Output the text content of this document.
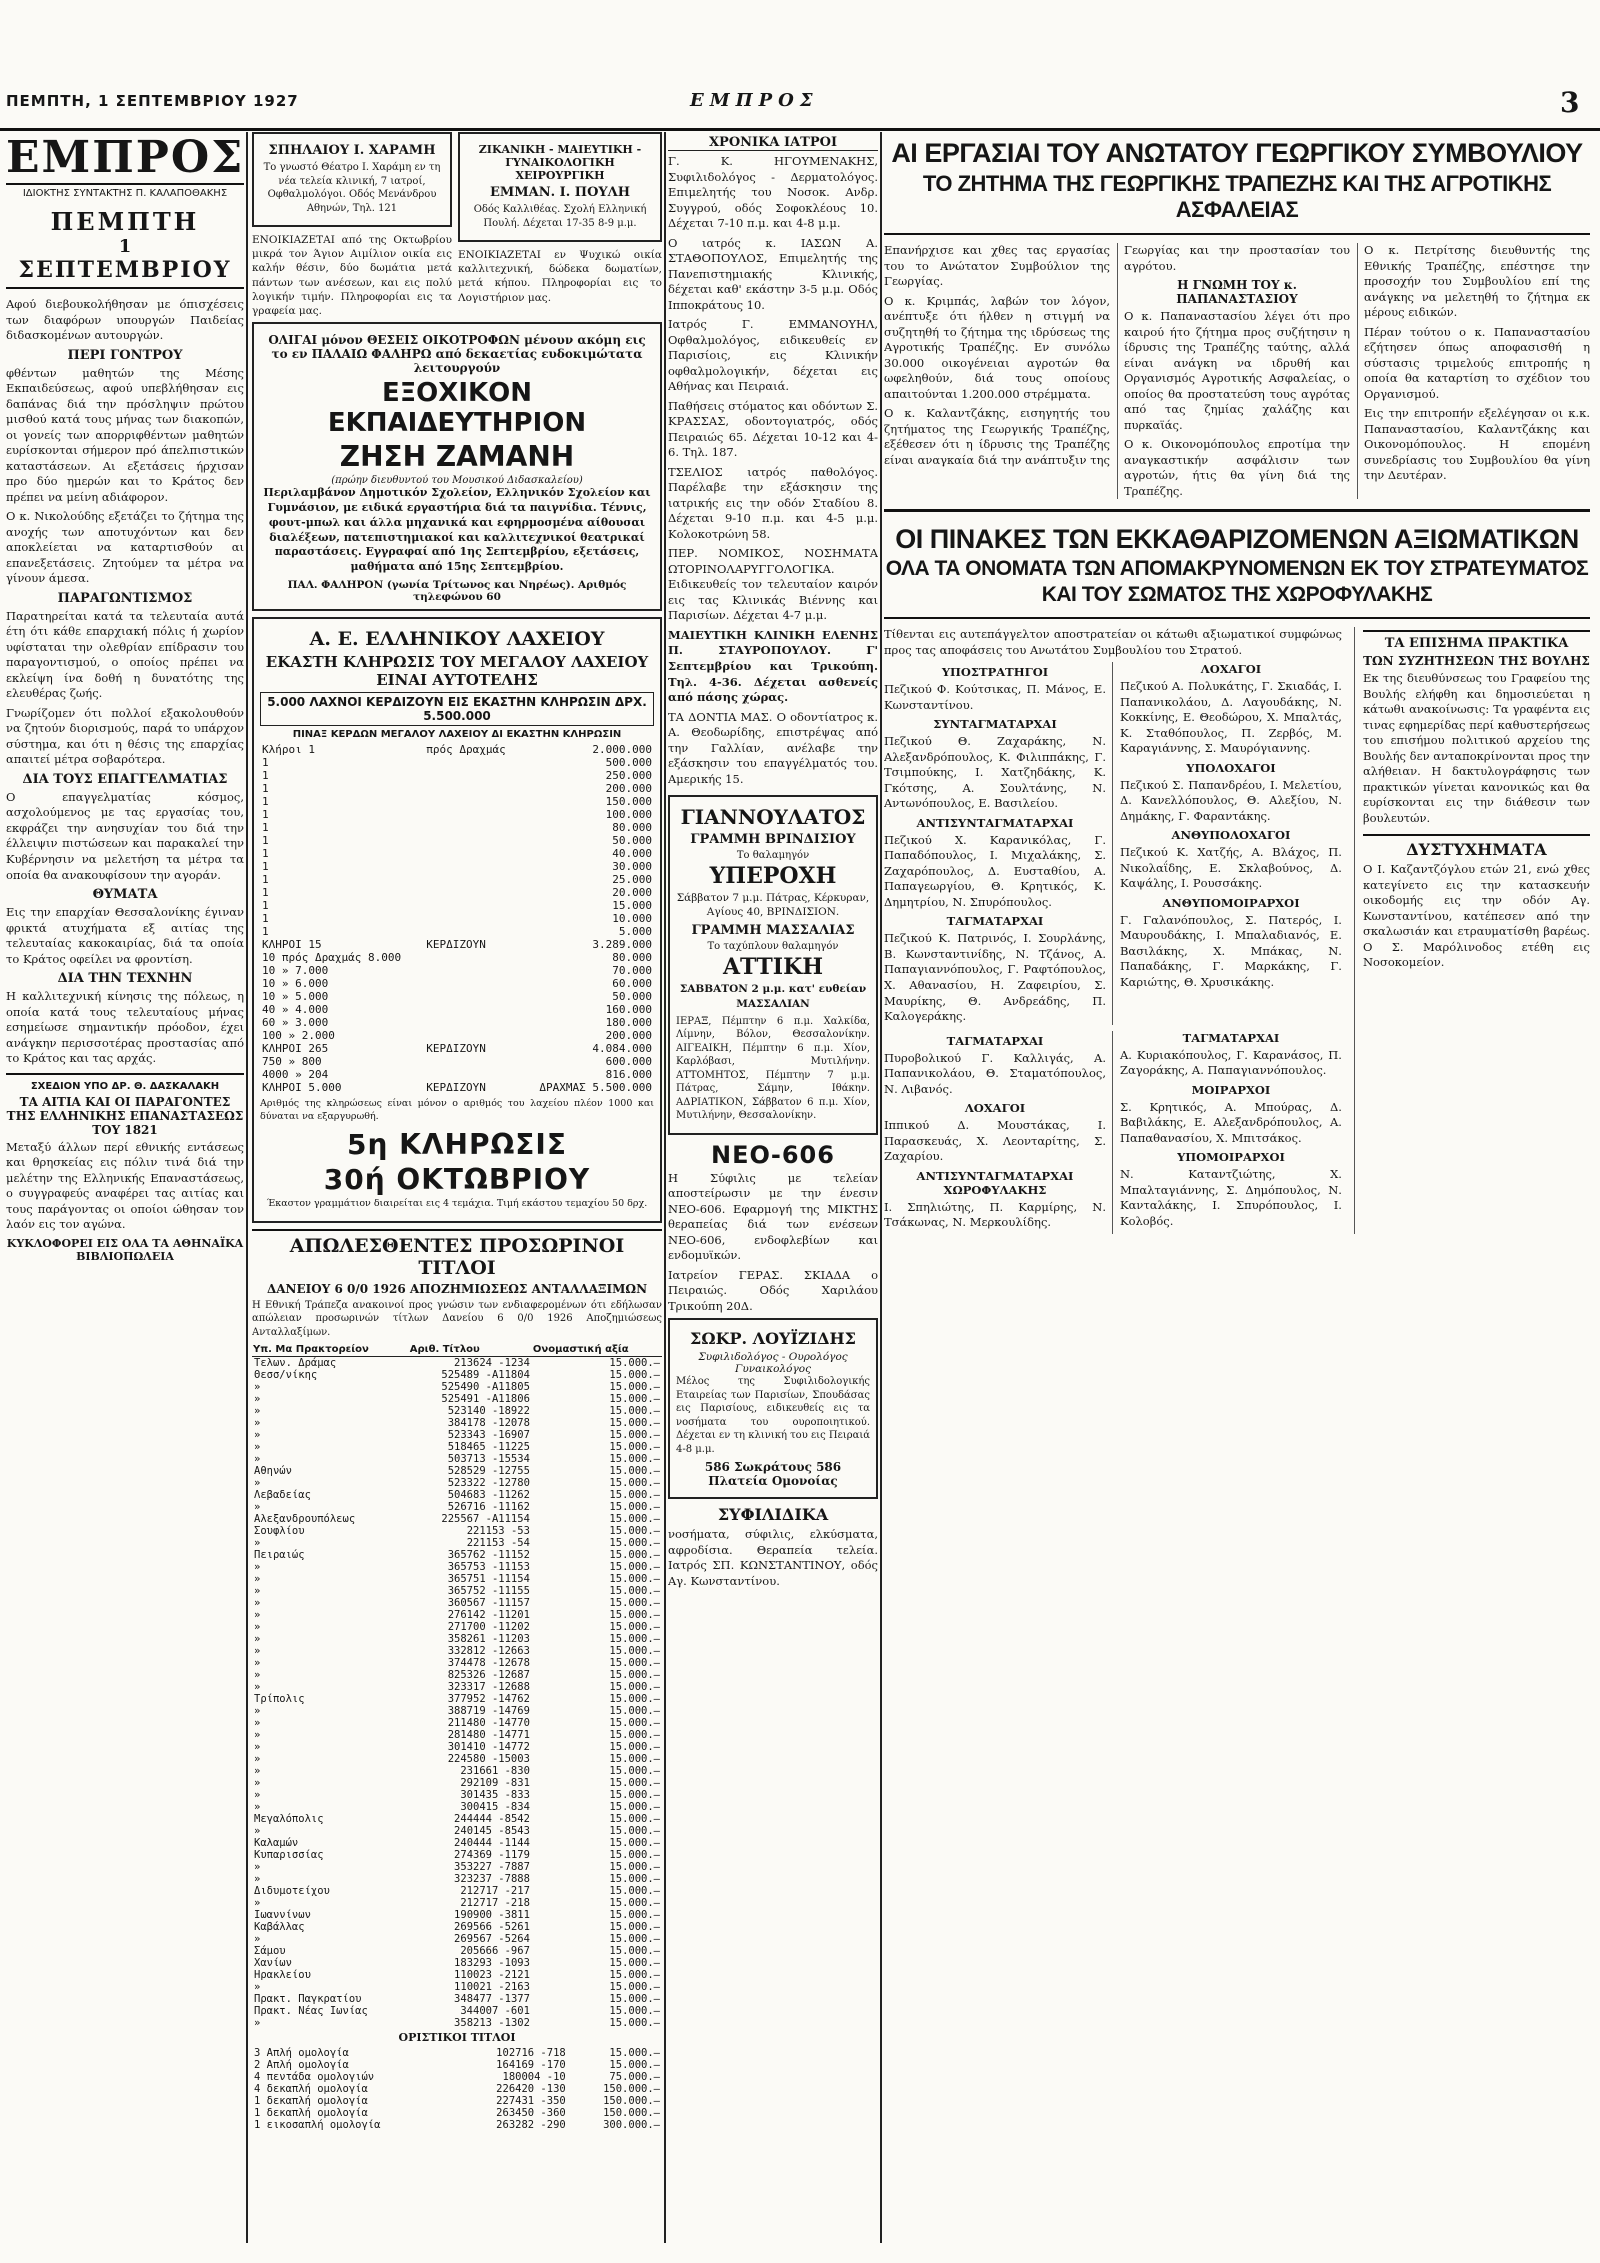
ΠΕΜΠΤΗ, 1 ΣΕΠΤΕΜΒΡΙΟΥ 1927	ΕΜΠΡΟΣ	3
ΕΜΠΡΟΣ
ΙΔΙΟΚΤΗΣ ΣΥΝΤΑΚΤΗΣ Π. ΚΑΛΑΠΟΘΑΚΗΣ
ΠΕΜΠΤΗ
1
ΣΕΠΤΕΜΒΡΙΟΥ

Αφού διεβουκολήθησαν με όπισχέσεις των διαφόρων υπουργών Παιδείας διδασκομένων αυτουργών.

ΠΕΡΙ ΓΟΝΤΡΟΥ

φθέντων μαθητών της Μέσης Εκπαιδεύσεως, αφού υπεβλήθησαν εις δαπάνας διά την πρόσληψιν πρώτου μισθού κατά τους μήνας των διακοπών, οι γονείς των απορριφθέντων μαθητών ευρίσκονται σήμερον πρό άπελπιστικών καταστάσεων. Αι εξετάσεις ήρχισαν προ δύο ημερών και το Κράτος δεν πρέπει να μείνη αδιάφορον.

Ο κ. Νικολούδης εξετάζει το ζήτημα της ανοχής των αποτυχόντων και δεν αποκλείεται να καταρτισθούν αι επανεξετάσεις. Ζητούμεν τα μέτρα να γίνουν άμεσα.

ΠΑΡΑΓΩΝΤΙΣΜΟΣ

Παρατηρείται κατά τα τελευταία αυτά έτη ότι κάθε επαρχιακή πόλις ή χωρίον υφίσταται την ολεθρίαν επίδρασιν του παραγοντισμού, ο οποίος πρέπει να εκλείψη ίνα δοθή η δυνατότης της ελευθέρας ζωής.

Γνωρίζομεν ότι πολλοί εξακολουθούν να ζητούν διορισμούς, παρά το υπάρχον σύστημα, και ότι η θέσις της επαρχίας απαιτεί μέτρα σοβαρότερα.

ΔΙΑ ΤΟΥΣ ΕΠΑΓΓΕΛΜΑΤΙΑΣ

Ο επαγγελματίας κόσμος, ασχολούμενος με τας εργασίας του, εκφράζει την ανησυχίαν του διά την έλλειψιν πιστώσεων και παρακαλεί την Κυβέρνησιν να μελετήση τα μέτρα τα οποία θα ανακουφίσουν την αγοράν.

ΘΥΜΑΤΑ

Εις την επαρχίαν Θεσσαλονίκης έγιναν φρικτά ατυχήματα εξ αιτίας της τελευταίας κακοκαιρίας, διά τα οποία το Κράτος οφείλει να φροντίση.

ΔΙΑ ΤΗΝ ΤΕΧΝΗΝ

Η καλλιτεχνική κίνησις της πόλεως, η οποία κατά τους τελευταίους μήνας εσημείωσε σημαντικήν πρόοδον, έχει ανάγκην περισσοτέρας προστασίας από το Κράτος και τας αρχάς.

ΣΧΕΔΙΟΝ ΥΠΟ ΔΡ. Θ. ΔΑΣΚΑΛΑΚΗ
ΤΑ ΑΙΤΙΑ ΚΑΙ ΟΙ ΠΑΡΑΓΟΝΤΕΣ ΤΗΣ ΕΛΛΗΝΙΚΗΣ ΕΠΑΝΑΣΤΑΣΕΩΣ ΤΟΥ 1821

Μεταξύ άλλων περί εθνικής εντάσεως και θρησκείας εις πόλιν τινά διά την μελέτην της Ελληνικής Επαναστάσεως, ο συγγραφεύς αναφέρει τας αιτίας και τους παράγοντας οι οποίοι ώθησαν τον λαόν εις τον αγώνα.

ΚΥΚΛΟΦΟΡΕΙ ΕΙΣ ΟΛΑ ΤΑ ΑΘΗΝΑΪΚΑ ΒΙΒΛΙΟΠΩΛΕΙΑ
ΣΠΗΛΑΙΟΥ Ι. ΧΑΡΑΜΗ

Το γνωστό Θέατρο Ι. Χαράμη εν τη νέα τελεία κλινική, 7 ιατροί, Οφθαλμολόγοι. Οδός Μενάνδρου Αθηνών, Τηλ. 121

ΕΝΟΙΚΙΑΖΕΤΑΙ από της Οκτωβρίου μικρά τον Άγιον Αιμίλιον οικία εις καλήν θέσιν, δύο δωμάτια μετά πάντων των ανέσεων, και εις πολύ λογικήν τιμήν. Πληροφορίαι εις τα γραφεία μας.

ΖΙΚΑΝΙΚΗ - ΜΑΙΕΥΤΙΚΗ - ΓΥΝΑΙΚΟΛΟΓΙΚΗ ΧΕΙΡΟΥΡΓΙΚΗ
ΕΜΜΑΝ. Ι. ΠΟΥΛΗ

Οδός Καλλιθέας. Σχολή Ελληνική Πουλή. Δέχεται 17-35 8-9 μ.μ.

ΕΝΟΙΚΙΑΖΕΤΑΙ εν Ψυχικώ οικία καλλιτεχνική, δώδεκα δωματίων, μετά κήπου. Πληροφορίαι εις το Λογιστήριον μας.

ΟΛΙΓΑΙ μόνον ΘΕΣΕΙΣ ΟΙΚΟΤΡΟΦΩΝ μένουν ακόμη εις το εν ΠΑΛΑΙΩ ΦΑΛΗΡΩ από δεκαετίας ευδοκιμώτατα λειτουργούν
ΕΞΟΧΙΚΟΝ ΕΚΠΑΙΔΕΥΤΗΡΙΟΝ
ΖΗΣΗ ΖΑΜΑΝΗ
(πρώην διευθυντού του Μουσικού Διδασκαλείου)

Περιλαμβάνον Δημοτικόν Σχολείον, Ελληνικόν Σχολείον και Γυμνάσιον, με ειδικά εργαστήρια διά τα παιγνίδια. Τέννις, φουτ-μπωλ και άλλα μηχανικά και εφηρμοσμένα αίθουσαι διαλέξεων, πατεπιστημιακοί και καλλιτεχνικοί θεατρικαί παραστάσεις. Εγγραφαί από 1ης Σεπτεμβρίου, εξετάσεις, μαθήματα από 15ης Σεπτεμβρίου.

ΠΑΛ. ΦΑΛΗΡΟΝ (γωνία Τρίτωνος και Νηρέως). Αριθμός τηλεφώνου 60
Α. Ε. ΕΛΛΗΝΙΚΟΥ ΛΑΧΕΙΟΥ
ΕΚΑΣΤΗ ΚΛΗΡΩΣΙΣ ΤΟΥ ΜΕΓΑΛΟΥ ΛΑΧΕΙΟΥ ΕΙΝΑΙ ΑΥΤΟΤΕΛΗΣ
5.000 ΛΑΧΝΟΙ ΚΕΡΔΙΖΟΥΝ ΕΙΣ ΕΚΑΣΤΗΝ ΚΛΗΡΩΣΙΝ ΔΡΧ. 5.500.000
ΠΙΝΑΞ ΚΕΡΔΩΝ ΜΕΓΑΛΟΥ ΛΑΧΕΙΟΥ ΔΙ ΕΚΑΣΤΗΝ ΚΛΗΡΩΣΙΝ
Κλήροι 1	πρός Δραχμάς	2.000.000
1		500.000
1		250.000
1		200.000
1		150.000
1		100.000
1		80.000
1		50.000
1		40.000
1		30.000
1		25.000
1		20.000
1		15.000
1		10.000
1		5.000
ΚΛΗΡΟΙ 15	ΚΕΡΔΙΖΟΥΝ	3.289.000
10 πρός Δραχμάς 8.000		80.000
10 » 7.000		70.000
10 » 6.000		60.000
10 » 5.000		50.000
40 » 4.000		160.000
60 » 3.000		180.000
100 » 2.000		200.000
ΚΛΗΡΟΙ 265	ΚΕΡΔΙΖΟΥΝ	4.084.000
750 » 800		600.000
4000 » 204		816.000
ΚΛΗΡΟΙ 5.000	ΚΕΡΔΙΖΟΥΝ	ΔΡΑΧΜΑΣ 5.500.000

Αριθμός της κληρώσεως είναι μόνον ο αριθμός του λαχείου πλέον 1000 και δύναται να εξαργυρωθή.

5η ΚΛΗΡΩΣΙΣ
30ή ΟΚΤΩΒΡΙΟΥ

Έκαστον γραμμάτιον διαιρείται εις 4 τεμάχια. Τιμή εκάστου τεμαχίου 50 δρχ.

ΑΠΩΛΕΣΘΕΝΤΕΣ ΠΡΟΣΩΡΙΝΟΙ ΤΙΤΛΟΙ
ΔΑΝΕΙΟΥ 6 0/0 1926 ΑΠΟΖΗΜΙΩΣΕΩΣ ΑΝΤΑΛΛΑΞΙΜΩΝ

Η Εθνική Τράπεζα ανακοινοί προς γνώσιν των ενδιαφερομένων ότι εδήλωσαν απώλειαν προσωρινών τίτλων Δανείου 6 0/0 1926 Αποζημιώσεως Ανταλλαξίμων.

Υπ. Μα Πρακτορείον	Αριθ. Τίτλου	Ονομαστική αξία
Τελων. Δράμας	213624 -1234	15.000.—
Θεσσ/νίκης	525489 -A11804	15.000.—
»	525490 -A11805	15.000.—
»	525491 -A11806	15.000.—
»	523140 -18922	15.000.—
»	384178 -12078	15.000.—
»	523343 -16907	15.000.—
»	518465 -11225	15.000.—
»	503713 -15534	15.000.—
Αθηνών	528529 -12755	15.000.—
»	523322 -12780	15.000.—
Λεβαδείας	504683 -11262	15.000.—
»	526716 -11162	15.000.—
Αλεξανδρουπόλεως	225567 -A11154	15.000.—
Σουφλίου	221153 -53	15.000.—
»	221153 -54	15.000.—
Πειραιώς	365762 -11152	15.000.—
»	365753 -11153	15.000.—
»	365751 -11154	15.000.—
»	365752 -11155	15.000.—
»	360567 -11157	15.000.—
»	276142 -11201	15.000.—
»	271700 -11202	15.000.—
»	358261 -11203	15.000.—
»	332812 -12663	15.000.—
»	374478 -12678	15.000.—
»	825326 -12687	15.000.—
»	323317 -12688	15.000.—
Τρίπολις	377952 -14762	15.000.—
»	388719 -14769	15.000.—
»	211480 -14770	15.000.—
»	281480 -14771	15.000.—
»	301410 -14772	15.000.—
»	224580 -15003	15.000.—
»	231661 -830	15.000.—
»	292109 -831	15.000.—
»	301435 -833	15.000.—
»	300415 -834	15.000.—
Μεγαλόπολις	244444 -8542	15.000.—
»	240145 -8543	15.000.—
Καλαμών	240444 -1144	15.000.—
Κυπαρισσίας	274369 -1179	15.000.—
»	353227 -7887	15.000.—
»	323237 -7888	15.000.—
Διδυμοτείχου	212717 -217	15.000.—
»	212717 -218	15.000.—
Ιωαννίνων	190900 -3811	15.000.—
Καβάλλας	269566 -5261	15.000.—
»	269567 -5264	15.000.—
Σάμου	205666 -967	15.000.—
Χανίων	183293 -1093	15.000.—
Ηρακλείου	110023 -2121	15.000.—
»	110021 -2163	15.000.—
Πρακτ. Παγκρατίου	348477 -1377	15.000.—
Πρακτ. Νέας Ιωνίας	344007 -601	15.000.—
»	358213 -1302	15.000.—
ΟΡΙΣΤΙΚΟΙ ΤΙΤΛΟΙ
3 Απλή ομολογία	102716 -718	15.000.—
2 Απλή ομολογία	164169 -170	15.000.—
4 πεντάδα ομολογιών	180004 -10	75.000.—
4 δεκαπλή ομολογία	226420 -130	150.000.—
1 δεκαπλή ομολογία	227431 -350	150.000.—
1 δεκαπλή ομολογία	263450 -360	150.000.—
1 εικοσαπλή ομολογία	263282 -290	300.000.—
ΧΡΟΝΙΚΑ ΙΑΤΡΟΙ

Γ. Κ. ΗΓΟΥΜΕΝΑΚΗΣ, Συφιλιδολόγος - Δερματολόγος. Επιμελητής του Νοσοκ. Ανδρ. Συγγρού, οδός Σοφοκλέους 10. Δέχεται 7-10 π.μ. και 4-8 μ.μ.

Ο ιατρός κ. ΙΑΣΩΝ Α. ΣΤΑΘΟΠΟΥΛΟΣ, Επιμελητής της Πανεπιστημιακής Κλινικής, δέχεται καθ' εκάστην 3-5 μ.μ. Οδός Ιπποκράτους 10.

Ιατρός Γ. ΕΜΜΑΝΟΥΗΛ, Οφθαλμολόγος, ειδικευθείς εν Παρισίοις, εις Κλινικήν οφθαλμολογικήν, δέχεται εις Αθήνας και Πειραιά.

Παθήσεις στόματος και οδόντων Σ. ΚΡΑΣΣΑΣ, οδοντογιατρός, οδός Πειραιώς 65. Δέχεται 10-12 και 4-6. Τηλ. 187.

ΤΣΕΛΙΟΣ ιατρός παθολόγος. Παρέλαβε την εξάσκησιν της ιατρικής εις την οδόν Σταδίου 8. Δέχεται 9-10 π.μ. και 4-5 μ.μ. Κολοκοτρώνη 58.

ΠΕΡ. ΝΟΜΙΚΟΣ, ΝΟΣΗΜΑΤΑ ΩΤΟΡΙΝΟΛΑΡΥΓΓΟΛΟΓΙΚΑ. Ειδικευθείς τον τελευταίον καιρόν εις τας Κλινικάς Βιέννης και Παρισίων. Δέχεται 4-7 μ.μ.

ΜΑΙΕΥΤΙΚΗ ΚΛΙΝΙΚΗ ΕΛΕΝΗΣ Π. ΣΤΑΥΡΟΠΟΥΛΟΥ. Γ' Σεπτεμβρίου και Τρικούπη. Τηλ. 4-36. Δέχεται ασθενείς από πάσης χώρας.

ΤΑ ΔΟΝΤΙΑ ΜΑΣ. Ο οδοντίατρος κ. Α. Θεοδωρίδης, επιστρέψας από την Γαλλίαν, ανέλαβε την εξάσκησιν του επαγγέλματός του. Αμερικής 15.

ΓΙΑΝΝΟΥΛΑΤΟΣ
ΓΡΑΜΜΗ ΒΡΙΝΔΙΣΙΟΥ
Το θαλαμηγόν
ΥΠΕΡΟΧΗ

Σάββατον 7 μ.μ. Πάτρας, Κέρκυραν, Αγίους 40, ΒΡΙΝΔΙΣΙΟΝ.

ΓΡΑΜΜΗ ΜΑΣΣΑΛΙΑΣ
Το ταχύπλουν θαλαμηγόν
ΑΤΤΙΚΗ

ΣΑΒΒΑΤΟΝ 2 μ.μ. κατ' ευθείαν ΜΑΣΣΑΛΙΑΝ

ΙΕΡΑΞ, Πέμπτην 6 π.μ. Χαλκίδα, Λίμνην, Βόλον, Θεσσαλονίκην. ΑΙΓΕΑΙΚΗ, Πέμπτην 6 π.μ. Χίον, Καρλόβασι, Μυτιλήνην. ΑΤΤΟΜΗΤΟΣ, Πέμπτην 7 μ.μ. Πάτρας, Σάμην, Ιθάκην. ΑΔΡΙΑΤΙΚΟΝ, Σάββατον 6 π.μ. Χίον, Μυτιλήνην, Θεσσαλονίκην.

ΝΕΟ-606

Η Σύφιλις με τελείαν αποστείρωσιν με την ένεσιν ΝΕΟ-606. Εφαρμογή της ΜΙΚΤΗΣ θεραπείας διά των ενέσεων ΝΕΟ-606, ενδοφλεβίων και ενδομυϊκών.

Ιατρείον ΓΕΡΑΣ. ΣΚΙΑΔΑ ο Πειραιώς. Οδός Χαριλάου Τρικούπη 20Δ.

ΣΩΚΡ. ΛΟΥΪΖΙΔΗΣ
Συφιλιδολόγος - Ουρολόγος Γυναικολόγος

Μέλος της Συφιλιδολογικής Εταιρείας των Παρισίων, Σπουδάσας εις Παρισίους, ειδικευθείς εις τα νοσήματα του ουροποιητικού. Δέχεται εν τη κλινική του εις Πειραιά 4-8 μ.μ.

586 Σωκράτους 586 Πλατεία Ομονοίας
ΣΥΦΙΛΙΔΙΚΑ

νοσήματα, σύφιλις, ελκύσματα, αφροδίσια. Θεραπεία τελεία. Ιατρός ΣΠ. ΚΩΝΣΤΑΝΤΙΝΟΥ, οδός Αγ. Κωνσταντίνου.

ΑΙ ΕΡΓΑΣΙΑΙ ΤΟΥ ΑΝΩΤΑΤΟΥ ΓΕΩΡΓΙΚΟΥ ΣΥΜΒΟΥΛΙΟΥ
ΤΟ ΖΗΤΗΜΑ ΤΗΣ ΓΕΩΡΓΙΚΗΣ ΤΡΑΠΕΖΗΣ ΚΑΙ ΤΗΣ ΑΓΡΟΤΙΚΗΣ ΑΣΦΑΛΕΙΑΣ

Επανήρχισε και χθες τας εργασίας του το Ανώτατον Συμβούλιον της Γεωργίας.

Ο κ. Κριμπάς, λαβών τον λόγον, ανέπτυξε ότι ήλθεν η στιγμή να συζητηθή το ζήτημα της ιδρύσεως της Αγροτικής Τραπέζης. Εν συνόλω 30.000 οικογένειαι αγροτών θα ωφεληθούν, διά τους οποίους απαιτούνται 1.200.000 στρέμματα.

Ο κ. Καλαντζάκης, εισηγητής του ζητήματος της Γεωργικής Τραπέζης, εξέθεσεν ότι η ίδρυσις της Τραπέζης είναι αναγκαία διά την ανάπτυξιν της Γεωργίας και την προστασίαν του αγρότου.

Η ΓΝΩΜΗ ΤΟΥ κ. ΠΑΠΑΝΑΣΤΑΣΙΟΥ

Ο κ. Παπαναστασίου λέγει ότι προ καιρού ήτο ζήτημα προς συζήτησιν η ίδρυσις της Τραπέζης ταύτης, αλλά είναι ανάγκη να ιδρυθή και Οργανισμός Αγροτικής Ασφαλείας, ο οποίος θα προστατεύση τους αγρότας από τας ζημίας χαλάζης και πυρκαϊάς.

Ο κ. Οικονομόπουλος επροτίμα την αναγκαστικήν ασφάλισιν των αγροτών, ήτις θα γίνη διά της Τραπέζης.

Ο κ. Πετρίτσης διευθυντής της Εθνικής Τραπέζης, επέστησε την προσοχήν του Συμβουλίου επί της ανάγκης να μελετηθή το ζήτημα εκ μέρους ειδικών.

Πέραν τούτου ο κ. Παπαναστασίου εζήτησεν όπως αποφασισθή η σύστασις τριμελούς επιτροπής η οποία θα καταρτίση το σχέδιον του Οργανισμού.

Εις την επιτροπήν εξελέγησαν οι κ.κ. Παπαναστασίου, Καλαντζάκης και Οικονομόπουλος. Η επομένη συνεδρίασις του Συμβουλίου θα γίνη την Δευτέραν.

ΟΙ ΠΙΝΑΚΕΣ ΤΩΝ ΕΚΚΑΘΑΡΙΖΟΜΕΝΩΝ ΑΞΙΩΜΑΤΙΚΩΝ
ΟΛΑ ΤΑ ΟΝΟΜΑΤΑ ΤΩΝ ΑΠΟΜΑΚΡΥΝΟΜΕΝΩΝ ΕΚ ΤΟΥ ΣΤΡΑΤΕΥΜΑΤΟΣ
ΚΑΙ ΤΟΥ ΣΩΜΑΤΟΣ ΤΗΣ ΧΩΡΟΦΥΛΑΚΗΣ

Τίθενται εις αυτεπάγγελτον αποστρατείαν οι κάτωθι αξιωματικοί συμφώνως προς τας αποφάσεις του Ανωτάτου Συμβουλίου του Στρατού.

ΥΠΟΣΤΡΑΤΗΓΟΙ

Πεζικού Φ. Κούτσικας, Π. Μάνος, Ε. Κωνσταντίνου.

ΣΥΝΤΑΓΜΑΤΑΡΧΑΙ

Πεζικού Θ. Ζαχαράκης, Ν. Αλεξανδρόπουλος, Κ. Φιλιππάκης, Γ. Τσιμπούκης, Ι. Χατζηδάκης, Κ. Γκότσης, Α. Σουλτάνης, Ν. Αντωνόπουλος, Ε. Βασιλείου.

ΑΝΤΙΣΥΝΤΑΓΜΑΤΑΡΧΑΙ

Πεζικού Χ. Καρανικόλας, Γ. Παπαδόπουλος, Ι. Μιχαλάκης, Σ. Ζαχαρόπουλος, Δ. Ευσταθίου, Α. Παπαγεωργίου, Θ. Κρητικός, Κ. Δημητρίου, Ν. Σπυρόπουλος.

ΤΑΓΜΑΤΑΡΧΑΙ

Πεζικού Κ. Πατρινός, Ι. Σουρλάνης, Β. Κωνσταντινίδης, Ν. Τζάνος, Α. Παπαγιαννόπουλος, Γ. Ραφτόπουλος, Χ. Αθανασίου, Η. Ζαφειρίου, Σ. Μαυρίκης, Θ. Ανδρεάδης, Π. Καλογεράκης.

ΛΟΧΑΓΟΙ

Πεζικού Α. Πολυκάτης, Γ. Σκιαδάς, Ι. Παπανικολάου, Δ. Λαγουδάκης, Ν. Κοκκίνης, Ε. Θεοδώρου, Χ. Μπαλτάς, Κ. Σταθόπουλος, Π. Ζερβός, Μ. Καραγιάννης, Σ. Μαυρόγιαννης.

ΥΠΟΛΟΧΑΓΟΙ

Πεζικού Σ. Παπανδρέου, Ι. Μελετίου, Δ. Κανελλόπουλος, Θ. Αλεξίου, Ν. Δημάκης, Γ. Φαραντάκης.

ΑΝΘΥΠΟΛΟΧΑΓΟΙ

Πεζικού Κ. Χατζής, Α. Βλάχος, Π. Νικολαΐδης, Ε. Σκλαβούνος, Δ. Καψάλης, Ι. Ρουσσάκης.

ΑΝΘΥΠΟΜΟΙΡΑΡΧΟΙ

Γ. Γαλανόπουλος, Σ. Πατερός, Ι. Μαυρουδάκης, Ι. Μπαλαδιανός, Ε. Βασιλάκης, Χ. Μπάκας, Ν. Παπαδάκης, Γ. Μαρκάκης, Γ. Καριώτης, Θ. Χρυσικάκης.

ΤΑΓΜΑΤΑΡΧΑΙ

Πυροβολικού Γ. Καλλιγάς, Α. Παπανικολάου, Θ. Σταματόπουλος, Ν. Λιβανός.

ΛΟΧΑΓΟΙ

Ιππικού Δ. Μουστάκας, Ι. Παρασκευάς, Χ. Λεονταρίτης, Σ. Ζαχαρίου.

ΑΝΤΙΣΥΝΤΑΓΜΑΤΑΡΧΑΙ ΧΩΡΟΦΥΛΑΚΗΣ

Ι. Σπηλιώτης, Π. Καρμίρης, Ν. Τσάκωνας, Ν. Μερκουλίδης.

ΤΑΓΜΑΤΑΡΧΑΙ

Α. Κυριακόπουλος, Γ. Καρανάσος, Π. Ζαγοράκης, Α. Παπαγιαννόπουλος.

ΜΟΙΡΑΡΧΟΙ

Σ. Κρητικός, Α. Μπούρας, Δ. Βαβιλάκης, Ε. Αλεξανδρόπουλος, Α. Παπαθανασίου, Χ. Μπιτσάκος.

ΥΠΟΜΟΙΡΑΡΧΟΙ

Ν. Καταντζιώτης, Χ. Μπαλταγιάννης, Σ. Δημόπουλος, Ν. Κανταλάκης, Ι. Σπυρόπουλος, Ι. Κολοβός.

ΤΑ ΕΠΙΣΗΜΑ ΠΡΑΚΤΙΚΑ
ΤΩΝ ΣΥΖΗΤΗΣΕΩΝ ΤΗΣ ΒΟΥΛΗΣ

Εκ της διευθύνσεως του Γραφείου της Βουλής ελήφθη και δημοσιεύεται η κάτωθι ανακοίνωσις: Τα γραφέντα εις τινας εφημερίδας περί καθυστερήσεως του επισήμου πολιτικού αρχείου της Βουλής δεν ανταποκρίνονται προς την αλήθειαν. Η δακτυλογράφησις των πρακτικών γίνεται κανονικώς και θα ευρίσκονται εις την διάθεσιν των βουλευτών.

ΔΥΣΤΥΧΗΜΑΤΑ

Ο Ι. Καζαντζόγλου ετών 21, ενώ χθες κατεγίνετο εις την κατασκευήν οικοδομής εις την οδόν Αγ. Κωνσταντίνου, κατέπεσεν από την σκαλωσιάν και ετραυματίσθη βαρέως. Ο Σ. Μαρόλινοδος ετέθη εις Νοσοκομείον.
